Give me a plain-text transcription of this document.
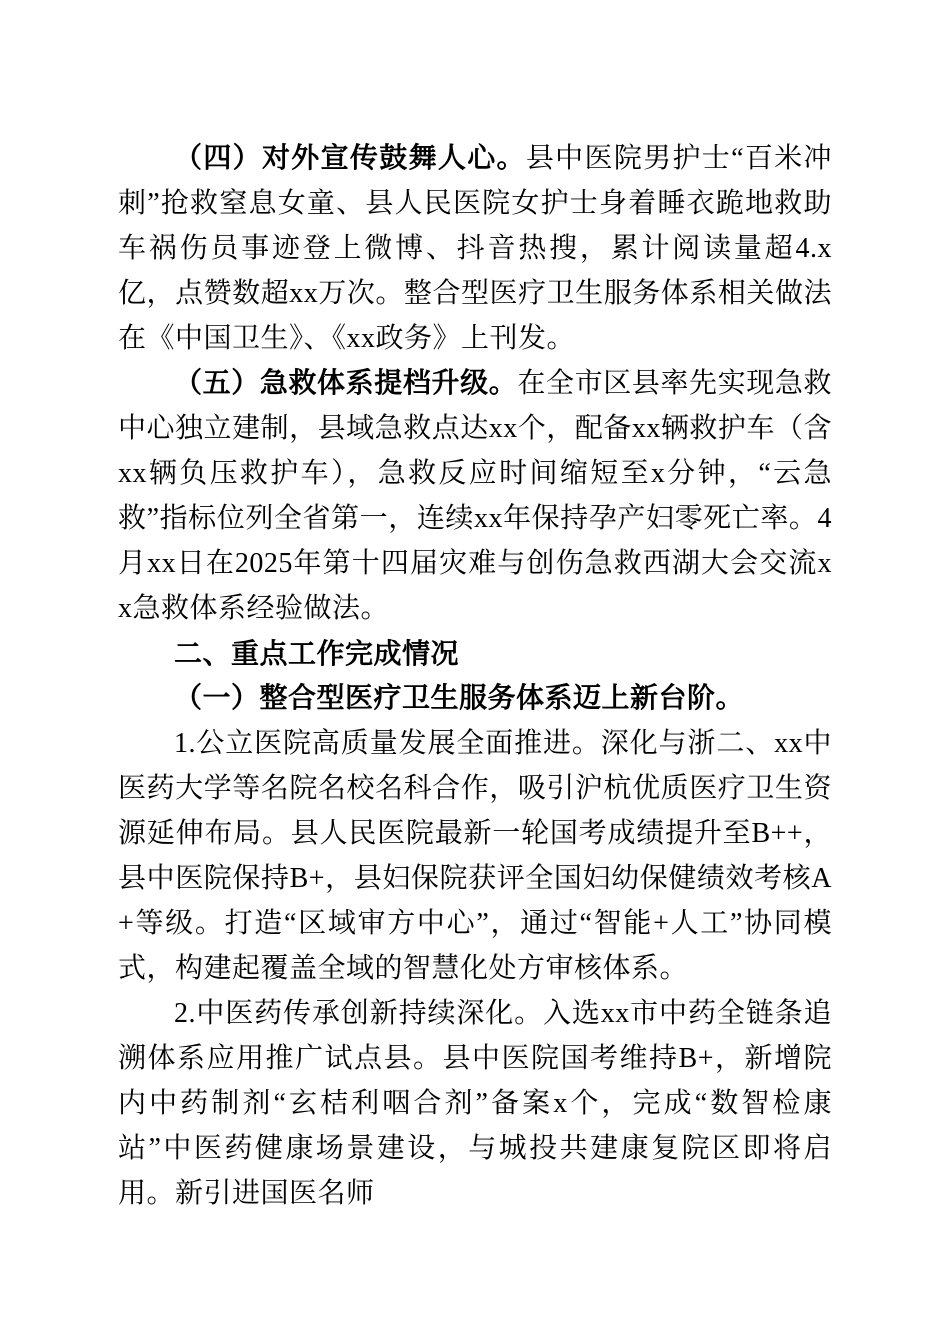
（四）对外宣传鼓舞人心。县中医院男护士“百米冲刺”抢救窒息女童、县人民医院女护士身着睡衣跪地救助车祸伤员事迹登上微博、抖音热搜，累计阅读量超4.x亿，点赞数超xx万次。整合型医疗卫生服务体系相关做法在《中国卫生》、《xx政务》上刊发。

（五）急救体系提档升级。在全市区县率先实现急救中心独立建制，县域急救点达xx个，配备xx辆救护车（含xx辆负压救护车），急救反应时间缩短至x分钟，“云急救”指标位列全省第一，连续xx年保持孕产妇零死亡率。4月xx日在2025年第十四届灾难与创伤急救西湖大会交流xx急救体系经验做法。

二、重点工作完成情况
（一）整合型医疗卫生服务体系迈上新台阶。

1.公立医院高质量发展全面推进。深化与浙二、xx中医药大学等名院名校名科合作，吸引沪杭优质医疗卫生资源延伸布局。县人民医院最新一轮国考成绩提升至B++，县中医院保持B+，县妇保院获评全国妇幼保健绩效考核A+等级。打造“区域审方中心”，通过“智能+人工”协同模式，构建起覆盖全域的智慧化处方审核体系。

2.中医药传承创新持续深化。入选xx市中药全链条追溯体系应用推广试点县。县中医院国考维持B+，新增院内中药制剂“玄桔利咽合剂”备案x个，完成“数智检康站”中医药健康场景建设，与城投共建康复院区即将启用。新引进国医名师
